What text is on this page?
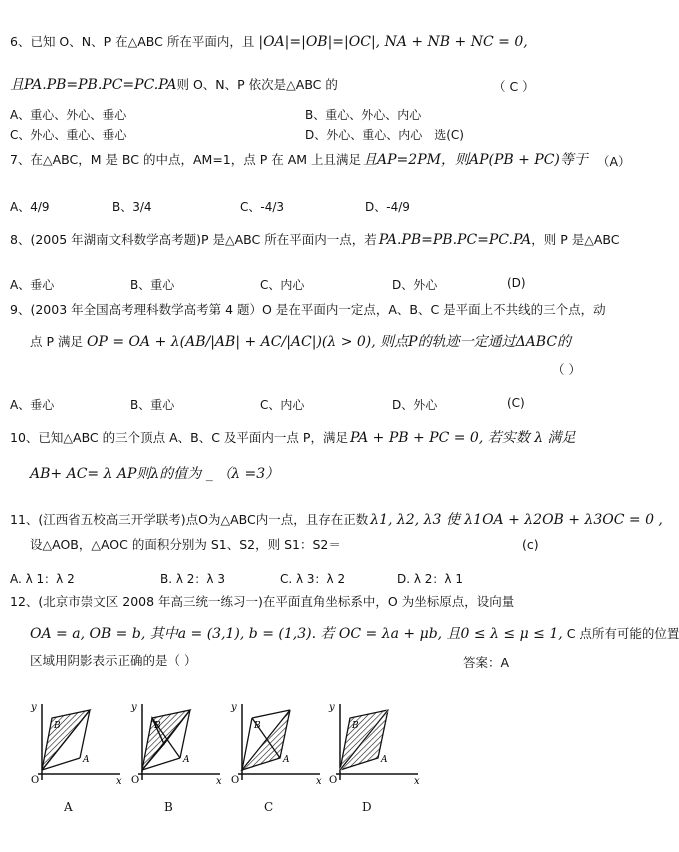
6、已知 O、N、P 在△ABC 所在平面内，且 |OA|=|OB|=|OC|, NA + NB + NC = 0,
且PA.PB=PB.PC=PC.PA则 O、N、P 依次是△ABC 的	（ C ）
A、重心、外心、垂心	B、重心、外心、内心
C、外心、重心、垂心	D、外心、重心、内心 选(C)
7、在△ABC，M 是 BC 的中点，AM=1，点 P 在 AM 上且满足 且AP=2PM，则AP(PB + PC)等于 （A）
A、4/9	B、3/4	C、-4/3	D、-4/9
8、(2005 年湖南文科数学高考题)P 是△ABC 所在平面内一点，若 PA.PB=PB.PC=PC.PA，则 P 是△ABC
A、垂心	B、重心	C、内心	D、外心	(D)
9、(2003 年全国高考理科数学高考第 4 题）O 是在平面内一定点，A、B、C 是平面上不共线的三个点，动
点 P 满足 OP = OA + λ(AB/|AB| + AC/|AC|)(λ > 0), 则点P的轨迹一定通过ΔABC的
（ ）
A、垂心	B、重心	C、内心	D、外心	(C)
10、已知△ABC 的三个顶点 A、B、C 及平面内一点 P，满足 PA + PB + PC = 0, 若实数 λ 满足
AB+ AC= λ AP则λ的值为 _ （λ =3）
11、(江西省五校高三开学联考)点O为△ABC内一点，且存在正数 λ1, λ2, λ3 使 λ1OA + λ2OB + λ3OC = 0 ,
设△AOB，△AOC 的面积分别为 S1、S2，则 S1：S2＝	(c)
A. λ 1：λ 2	B. λ 2：λ 3	C. λ 3：λ 2	D. λ 2：λ 1
12、(北京市崇文区 2008 年高三统一练习一)在平面直角坐标系中，O 为坐标原点，设向量
OA = a, OB = b, 其中a = (3,1), b = (1,3). 若 OC = λa + μb, 且0 ≤ λ ≤ μ ≤ 1, C 点所有可能的位置
区域用阴影表示正确的是（ ）	答案：A
y
x
O
B
A
A
y
x
O
B
A
B
y
x
O
B
A
C
y
x
O
B
A
D
